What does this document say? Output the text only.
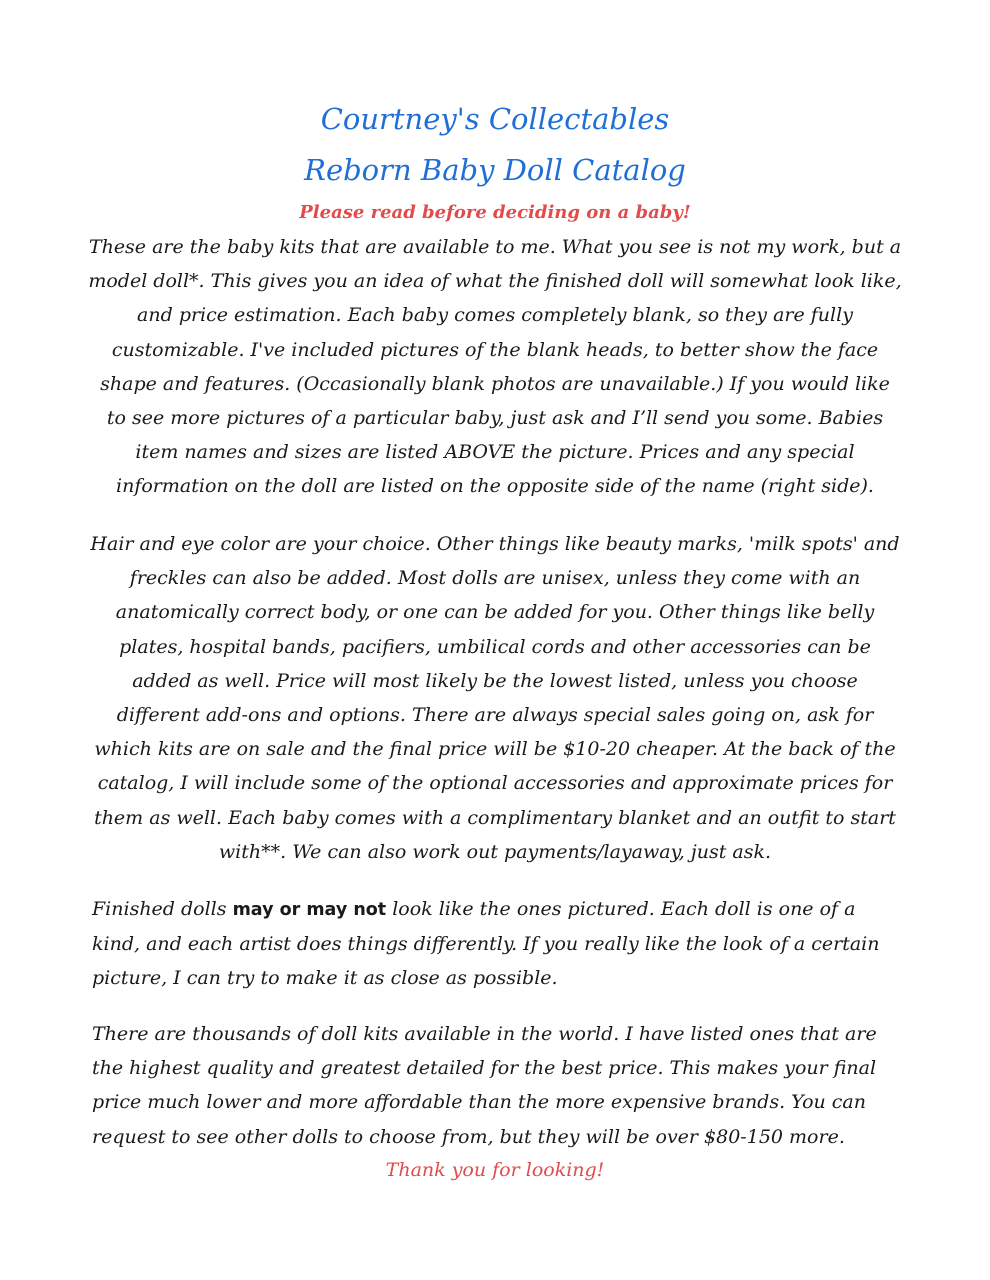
Courtney's Collectables
Reborn Baby Doll Catalog
Please read before deciding on a baby!
These are the baby kits that are available to me. What you see is not my work, but a model doll*. This gives you an idea of what the finished doll will somewhat look like, and price estimation. Each baby comes completely blank, so they are fully customizable. I've included pictures of the blank heads, to better show the face shape and features. (Occasionally blank photos are unavailable.) If you would like to see more pictures of a particular baby, just ask and I’ll send you some. Babies item names and sizes are listed ABOVE the picture. Prices and any special information on the doll are listed on the opposite side of the name (right side).
Hair and eye color are your choice. Other things like beauty marks, 'milk spots' and freckles can also be added. Most dolls are unisex, unless they come with an anatomically correct body, or one can be added for you. Other things like belly plates, hospital bands, pacifiers, umbilical cords and other accessories can be added as well. Price will most likely be the lowest listed, unless you choose different add-ons and options. There are always special sales going on, ask for which kits are on sale and the final price will be $10-20 cheaper. At the back of the catalog, I will include some of the optional accessories and approximate prices for them as well. Each baby comes with a complimentary blanket and an outfit to start with**. We can also work out payments/layaway, just ask.
Finished dolls may or may not look like the ones pictured. Each doll is one of a kind, and each artist does things differently. If you really like the look of a certain picture, I can try to make it as close as possible.
There are thousands of doll kits available in the world. I have listed ones that are the highest quality and greatest detailed for the best price. This makes your final price much lower and more affordable than the more expensive brands. You can request to see other dolls to choose from, but they will be over $80-150 more.
Thank you for looking!
